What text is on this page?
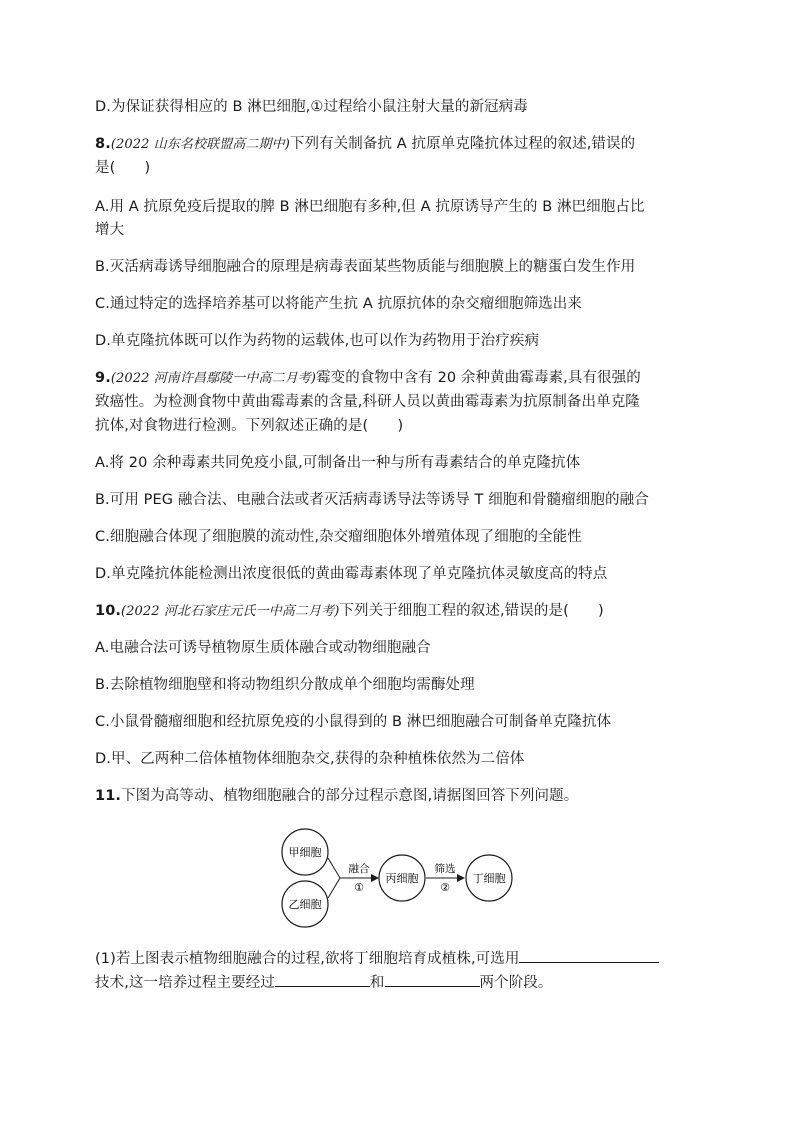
D.为保证获得相应的 B 淋巴细胞,①过程给小鼠注射大量的新冠病毒
8.(2022 山东名校联盟高二期中)下列有关制备抗 A 抗原单克隆抗体过程的叙述,错误的
是(　　)
A.用 A 抗原免疫后提取的脾 B 淋巴细胞有多种,但 A 抗原诱导产生的 B 淋巴细胞占比
增大
B.灭活病毒诱导细胞融合的原理是病毒表面某些物质能与细胞膜上的糖蛋白发生作用
C.通过特定的选择培养基可以将能产生抗 A 抗原抗体的杂交瘤细胞筛选出来
D.单克隆抗体既可以作为药物的运载体,也可以作为药物用于治疗疾病
9.(2022 河南许昌鄢陵一中高二月考)霉变的食物中含有 20 余种黄曲霉毒素,具有很强的
致癌性。为检测食物中黄曲霉毒素的含量,科研人员以黄曲霉毒素为抗原制备出单克隆
抗体,对食物进行检测。下列叙述正确的是(　　)
A.将 20 余种毒素共同免疫小鼠,可制备出一种与所有毒素结合的单克隆抗体
B.可用 PEG 融合法、电融合法或者灭活病毒诱导法等诱导 T 细胞和骨髓瘤细胞的融合
C.细胞融合体现了细胞膜的流动性,杂交瘤细胞体外增殖体现了细胞的全能性
D.单克隆抗体能检测出浓度很低的黄曲霉毒素体现了单克隆抗体灵敏度高的特点
10.(2022 河北石家庄元氏一中高二月考)下列关于细胞工程的叙述,错误的是(　　)
A.电融合法可诱导植物原生质体融合或动物细胞融合
B.去除植物细胞壁和将动物组织分散成单个细胞均需酶处理
C.小鼠骨髓瘤细胞和经抗原免疫的小鼠得到的 B 淋巴细胞融合可制备单克隆抗体
D.甲、乙两种二倍体植物体细胞杂交,获得的杂种植株依然为二倍体
11.下图为高等动、植物细胞融合的部分过程示意图,请据图回答下列问题。
甲细胞
乙细胞
融合
①
丙细胞
筛选
②
丁细胞
(1)若上图表示植物细胞融合的过程,欲将丁细胞培育成植株,可选用
技术,这一培养过程主要经过	和	两个阶段。
